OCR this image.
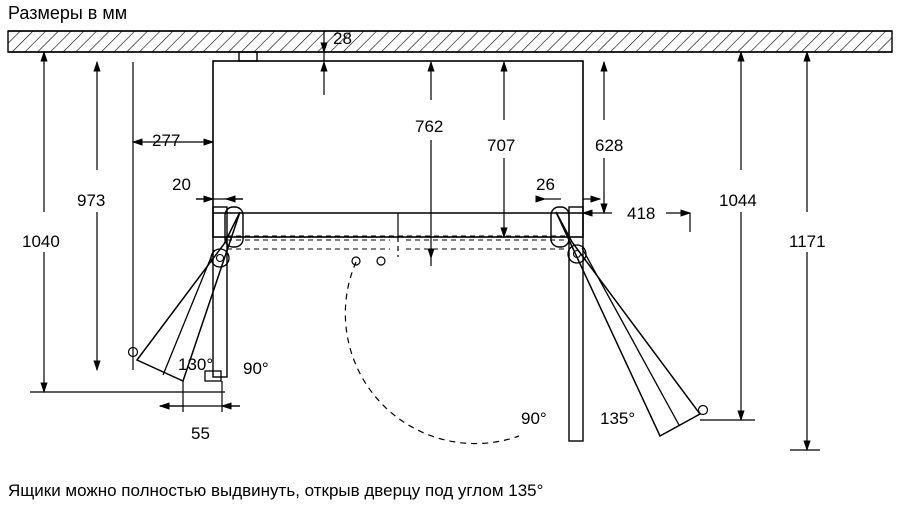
Размеры в мм
28
277
762
707	628
973
1040
20	26
418
1044
1171
130° 90°
55
90°	135°
Ящики можно полностью выдвинуть, открыв дверцу под углом 135°
